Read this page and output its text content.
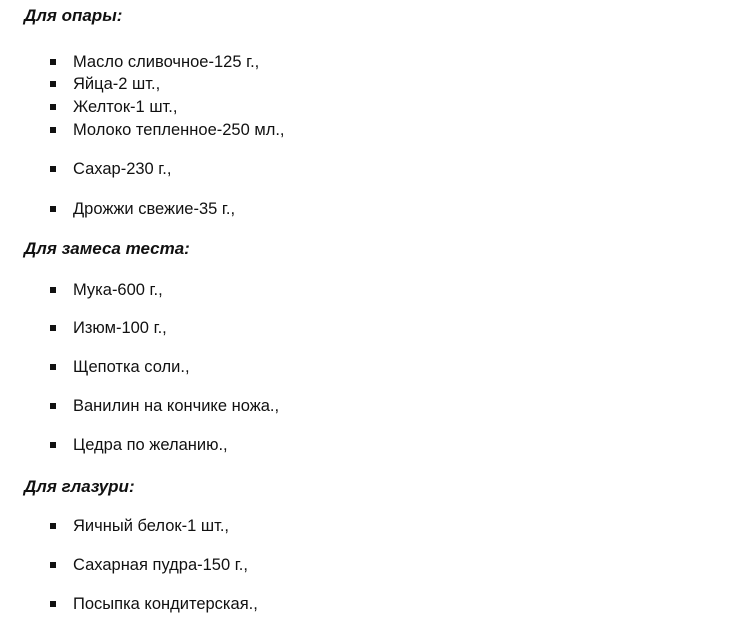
Для опары:
Масло сливочное-125 г.,
Яйца-2 шт.,
Желток-1 шт.,
Молоко тепленное-250 мл.,
Сахар-230 г.,
Дрожжи свежие-35 г.,
Для замеса теста:
Мука-600 г.,
Изюм-100 г.,
Щепотка соли.,
Ванилин на кончике ножа.,
Цедра по желанию.,
Для глазури:
Яичный белок-1 шт.,
Сахарная пудра-150 г.,
Посыпка кондитерская.,
